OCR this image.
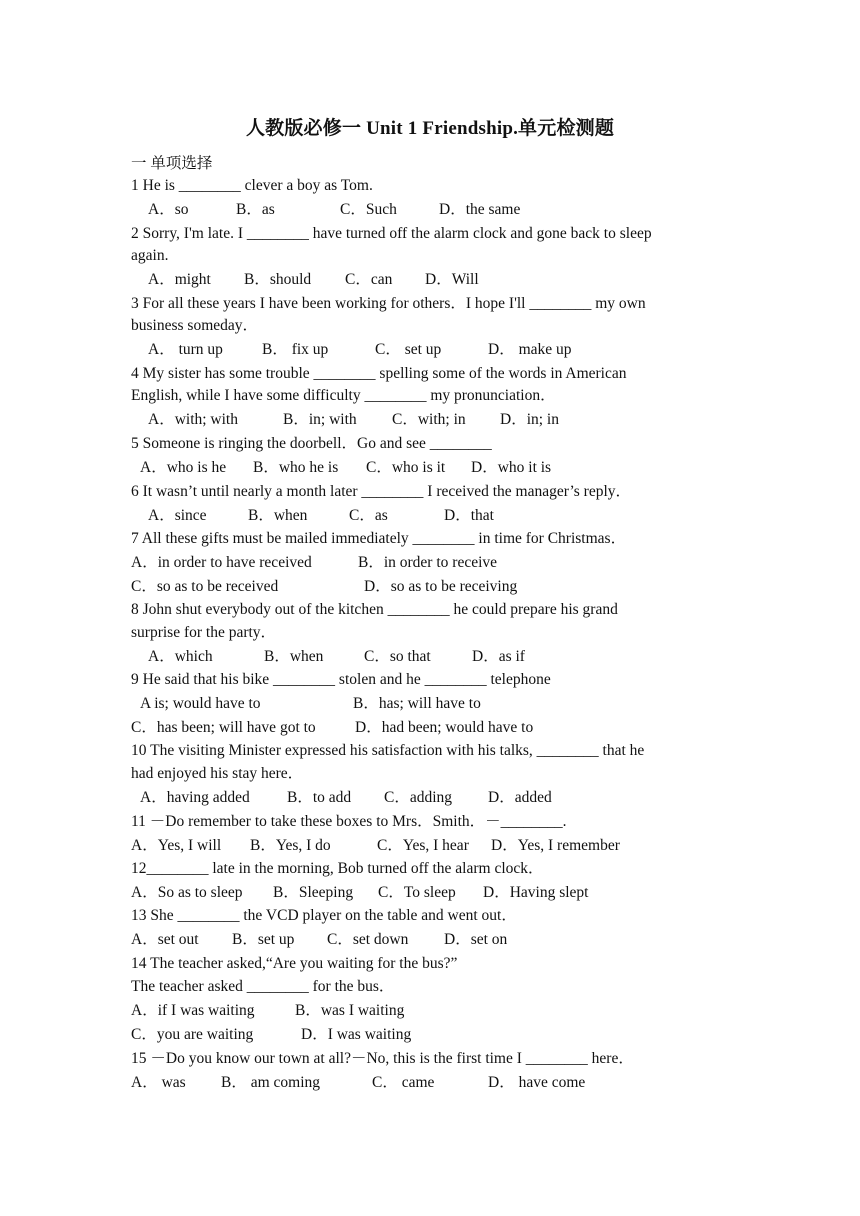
人教版必修一 Unit 1 Friendship.单元检测题
一 单项选择
1 He is ________ clever a boy as Tom.
A．so	B．as	C．Such	D．the same
2 Sorry, I'm late. I ________ have turned off the alarm clock and gone back to sleep
again.
A．might B．should C．can D．Will
3 For all these years I have been working for others．I hope I'll ________ my own
business someday．
A． turn up	B． fix up	C． set up	D． make up
4 My sister has some trouble ________ spelling some of the words in American
English, while I have some difficulty ________ my pronunciation．
A．with; with	B．in; with C．with; in D．in; in
5 Someone is ringing the doorbell．Go and see ________
A．who is he B．who he is C．who is it D．who it is
6 It wasn’t until nearly a month later ________ I received the manager’s reply．
A．since	B．when	C．as	D．that
7 All these gifts must be mailed immediately ________ in time for Christmas．
A．in order to have received	B．in order to receive
C．so as to be received	D．so as to be receiving
8 John shut everybody out of the kitchen ________ he could prepare his grand
surprise for the party．
A．which	B．when	C．so that	D．as if
9 He said that his bike ________ stolen and he ________ telephone
A is; would have to	B．has; will have to
C．has been; will have got to	D．had been; would have to
10 The visiting Minister expressed his satisfaction with his talks, ________ that he
had enjoyed his stay here．
A．having added B．to add C．adding D．added
11 －Do remember to take these boxes to Mrs．Smith．－________.
A．Yes, I will B．Yes, I do	C．Yes, I hear D．Yes, I remember
12________ late in the morning, Bob turned off the alarm clock．
A．So as to sleep B．Sleeping C．To sleep D．Having slept
13 She ________ the VCD player on the table and went out．
A．set out B．set up C．set down D．set on
14 The teacher asked,“Are you waiting for the bus?”
The teacher asked ________ for the bus．
A．if I was waiting	B．was I waiting
C．you are waiting	D．I was waiting
15 －Do you know our town at all?－No, this is the first time I ________ here．
A． was B． am coming	C． came	D． have come
